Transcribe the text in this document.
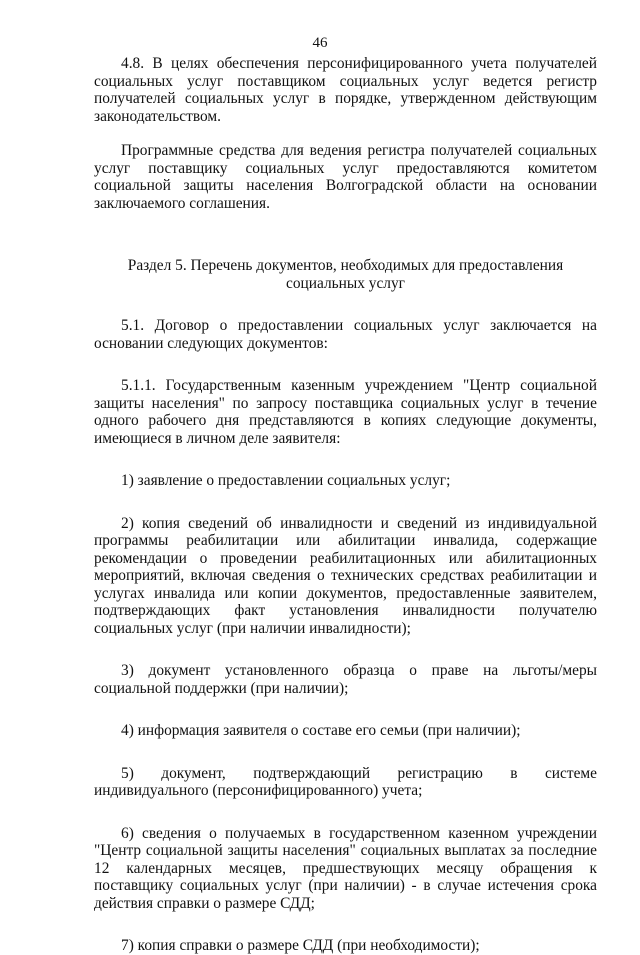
46

4.8. В целях обеспечения персонифицированного учета получателей социальных услуг поставщиком социальных услуг ведется регистр получателей социальных услуг в порядке, утвержденном действующим законодательством.

Программные средства для ведения регистра получателей социальных услуг поставщику социальных услуг предоставляются комитетом социальной защиты населения Волгоградской области на основании заключаемого соглашения.

Раздел 5. Перечень документов, необходимых для предоставления социальных услуг

5.1. Договор о предоставлении социальных услуг заключается на основании следующих документов:

5.1.1. Государственным казенным учреждением "Центр социальной защиты населения" по запросу поставщика социальных услуг в течение одного рабочего дня представляются в копиях следующие документы, имеющиеся в личном деле заявителя:

1) заявление о предоставлении социальных услуг;

2) копия сведений об инвалидности и сведений из индивидуальной программы реабилитации или абилитации инвалида, содержащие рекомендации о проведении реабилитационных или абилитационных мероприятий, включая сведения о технических средствах реабилитации и услугах инвалида или копии документов, предоставленные заявителем, подтверждающих факт установления инвалидности получателю социальных услуг (при наличии инвалидности);

3) документ установленного образца о праве на льготы/меры социальной поддержки (при наличии);

4) информация заявителя о составе его семьи (при наличии);

5) документ, подтверждающий регистрацию в системе индивидуального (персонифицированного) учета;

6) сведения о получаемых в государственном казенном учреждении "Центр социальной защиты населения" социальных выплатах за последние 12 календарных месяцев, предшествующих месяцу обращения к поставщику социальных услуг (при наличии) - в случае истечения срока действия справки о размере СДД;

7) копия справки о размере СДД (при необходимости);
